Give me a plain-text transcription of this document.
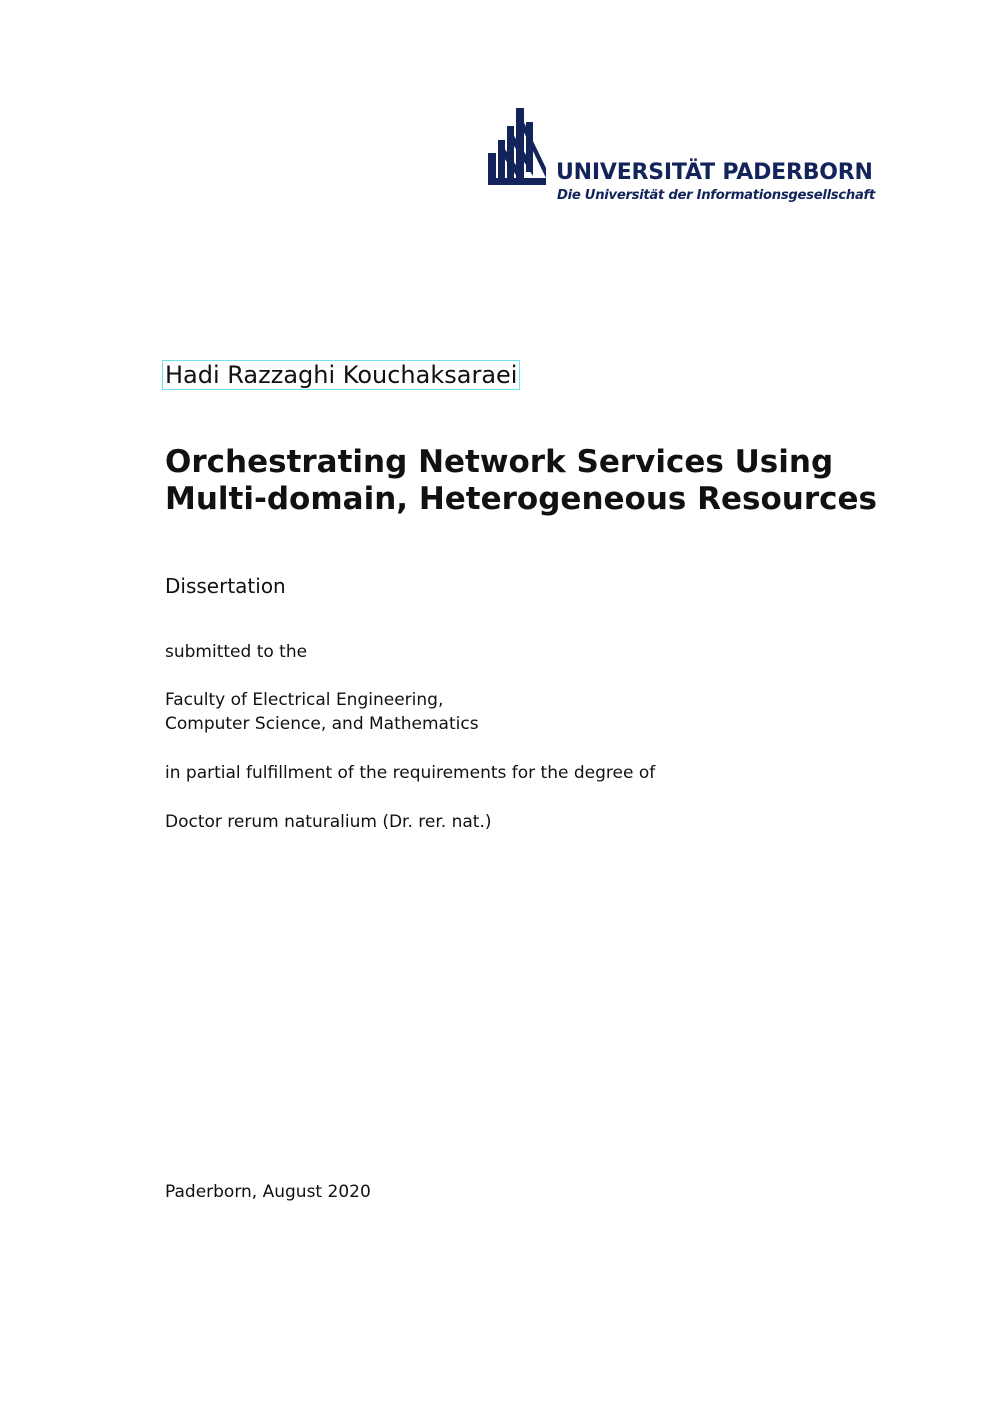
UNIVERSITÄT PADERBORN
Die Universität der Informationsgesellschaft
Hadi Razzaghi Kouchaksaraei
Orchestrating Network Services Using
Multi-domain, Heterogeneous Resources
Dissertation
submitted to the
Faculty of Electrical Engineering,
Computer Science, and Mathematics
in partial fulfillment of the requirements for the degree of
Doctor rerum naturalium (Dr. rer. nat.)
Paderborn, August 2020
